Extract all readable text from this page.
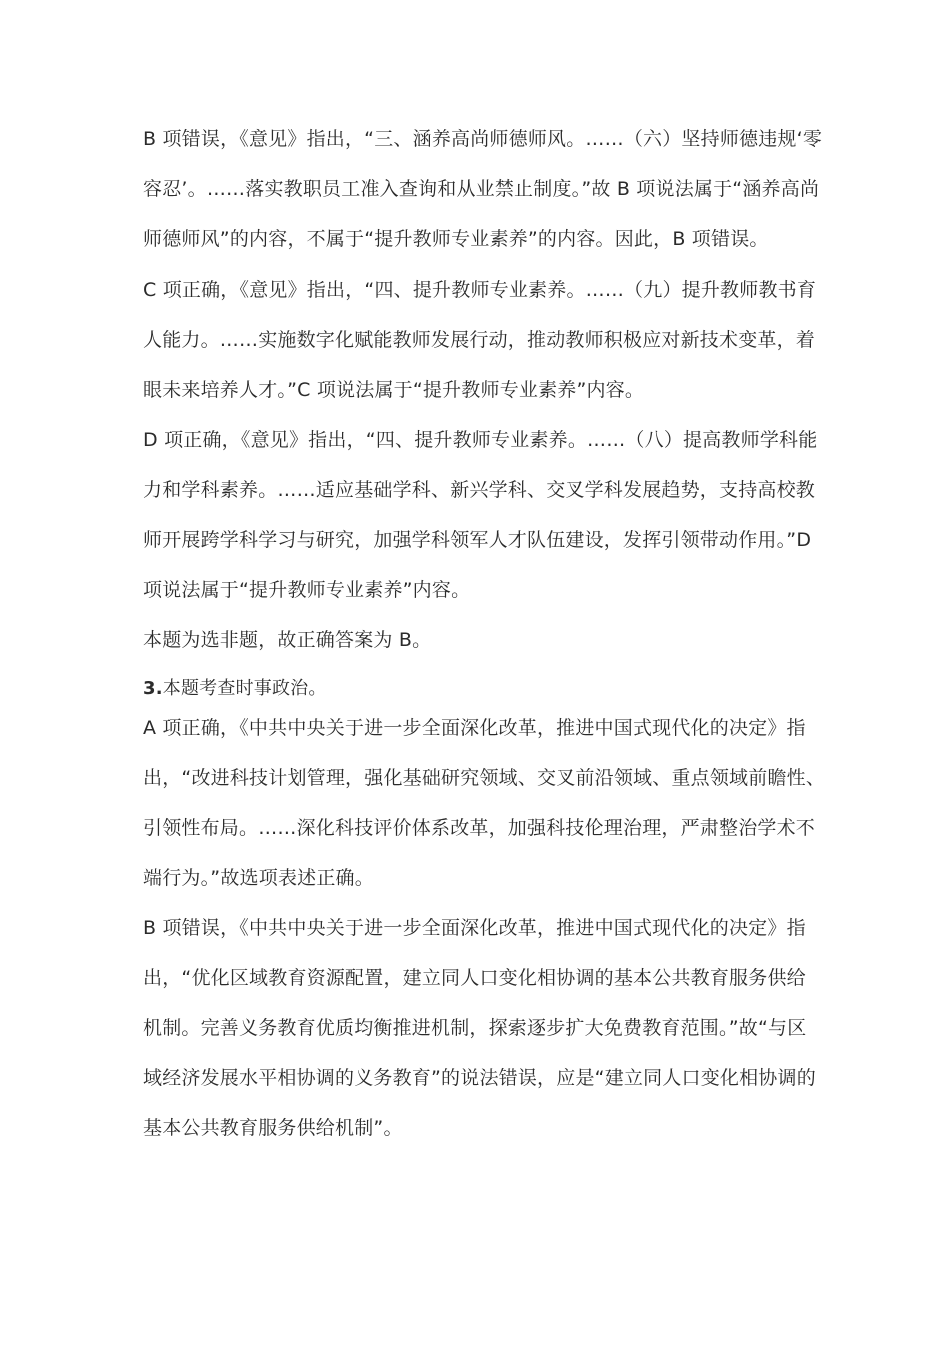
B 项错误，《意见》指出，“三、涵养高尚师德师风。……（六）坚持师德违规‘零
容忍’。……落实教职员工准入查询和从业禁止制度。”故 B 项说法属于“涵养高尚
师德师风”的内容，不属于“提升教师专业素养”的内容。因此，B 项错误。
C 项正确，《意见》指出，“四、提升教师专业素养。……（九）提升教师教书育
人能力。……实施数字化赋能教师发展行动，推动教师积极应对新技术变革，着
眼未来培养人才。”C 项说法属于“提升教师专业素养”内容。
D 项正确，《意见》指出，“四、提升教师专业素养。……（八）提高教师学科能
力和学科素养。……适应基础学科、新兴学科、交叉学科发展趋势，支持高校教
师开展跨学科学习与研究，加强学科领军人才队伍建设，发挥引领带动作用。”D
项说法属于“提升教师专业素养”内容。
本题为选非题，故正确答案为 B。
3.本题考查时事政治。
A 项正确，《中共中央关于进一步全面深化改革，推进中国式现代化的决定》指
出，“改进科技计划管理，强化基础研究领域、交叉前沿领域、重点领域前瞻性、
引领性布局。……深化科技评价体系改革，加强科技伦理治理，严肃整治学术不
端行为。”故选项表述正确。
B 项错误，《中共中央关于进一步全面深化改革，推进中国式现代化的决定》指
出，“优化区域教育资源配置，建立同人口变化相协调的基本公共教育服务供给
机制。完善义务教育优质均衡推进机制，探索逐步扩大免费教育范围。”故“与区
域经济发展水平相协调的义务教育”的说法错误，应是“建立同人口变化相协调的
基本公共教育服务供给机制”。
